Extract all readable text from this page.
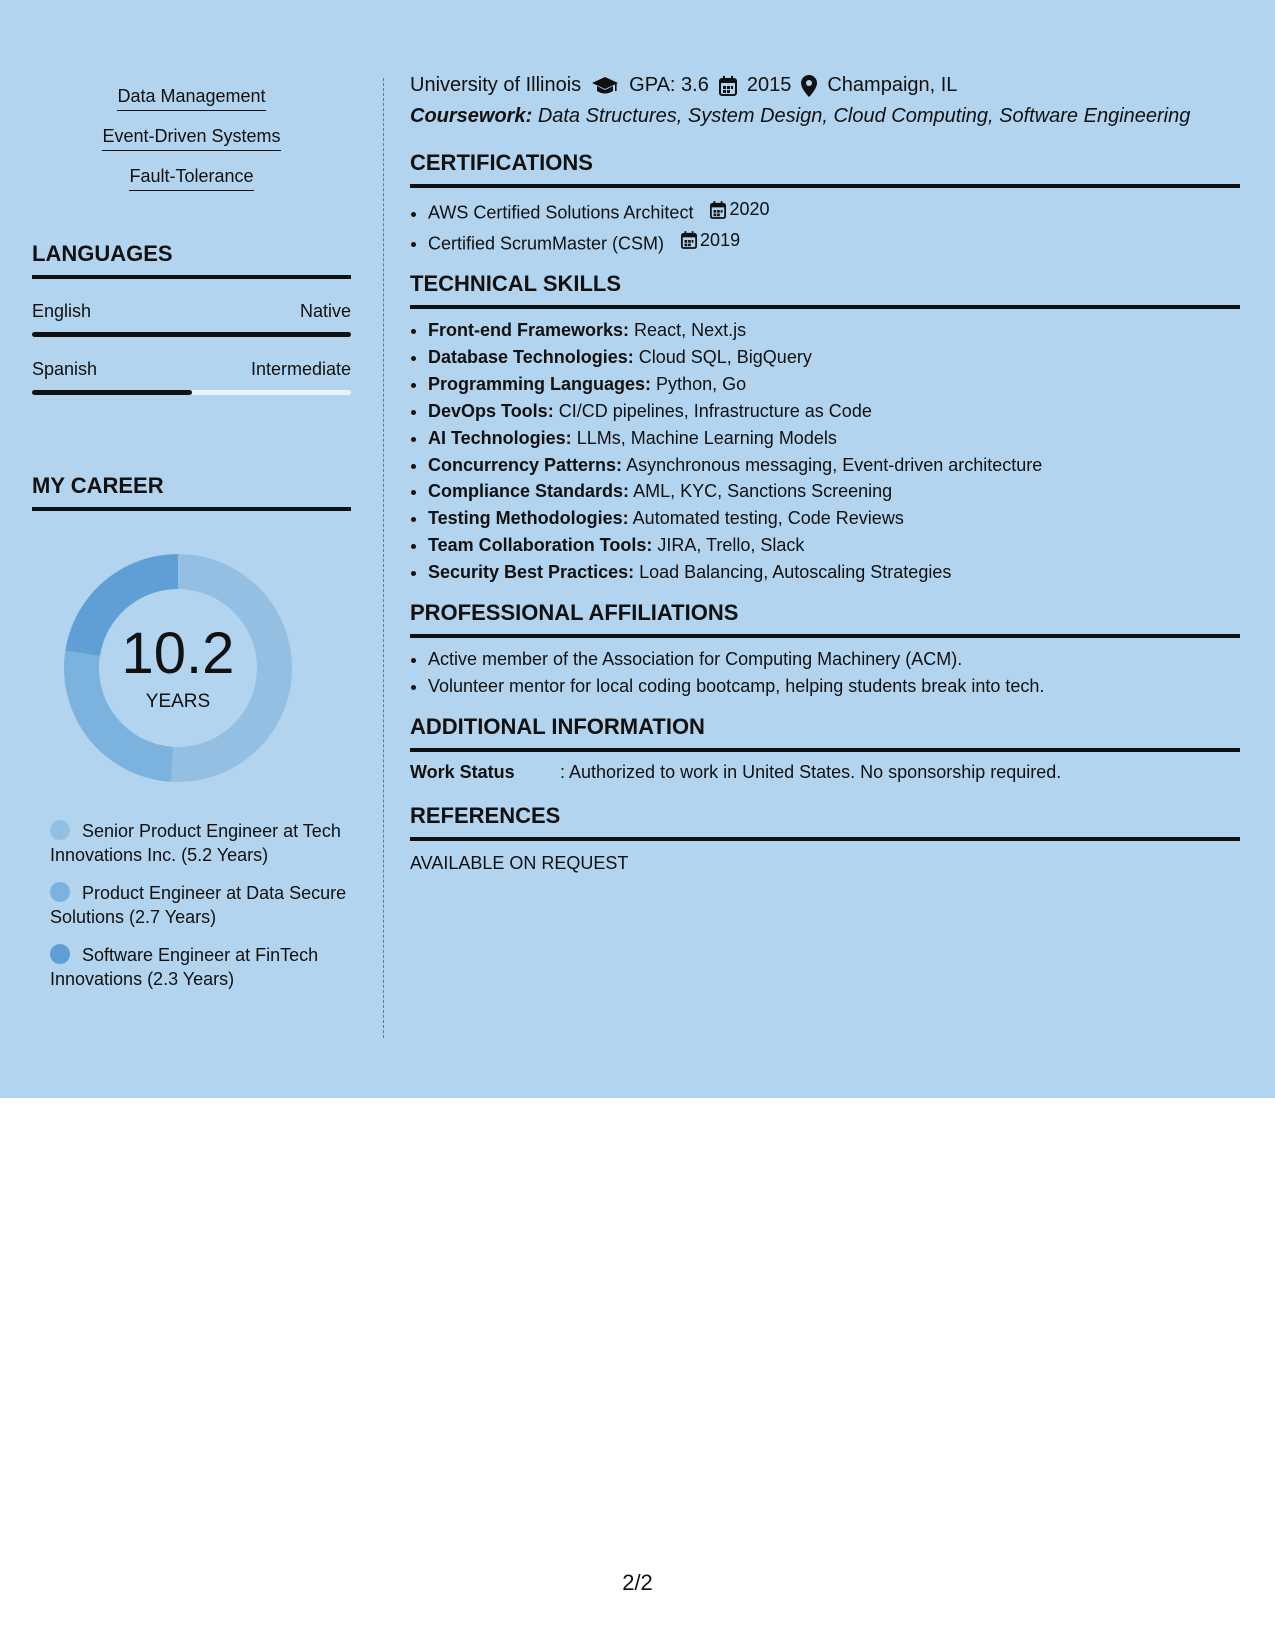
Data Management
Event-Driven Systems
Fault-Tolerance
LANGUAGES
English	Native
Spanish	Intermediate
MY CAREER
10.2
YEARS
Senior Product Engineer at Tech Innovations Inc. (5.2 Years)
Product Engineer at Data Secure Solutions (2.7 Years)
Software Engineer at FinTech Innovations (2.3 Years)
University of Illinois GPA: 3.6 2015 Champaign, IL
Coursework: Data Structures, System Design, Cloud Computing, Software Engineering
CERTIFICATIONS
• AWS Certified Solutions Architect 2020
• Certified ScrumMaster (CSM) 2019
TECHNICAL SKILLS
• Front-end Frameworks: React, Next.js
• Database Technologies: Cloud SQL, BigQuery
• Programming Languages: Python, Go
• DevOps Tools: CI/CD pipelines, Infrastructure as Code
• AI Technologies: LLMs, Machine Learning Models
• Concurrency Patterns: Asynchronous messaging, Event-driven architecture
• Compliance Standards: AML, KYC, Sanctions Screening
• Testing Methodologies: Automated testing, Code Reviews
• Team Collaboration Tools: JIRA, Trello, Slack
• Security Best Practices: Load Balancing, Autoscaling Strategies
PROFESSIONAL AFFILIATIONS
• Active member of the Association for Computing Machinery (ACM).
• Volunteer mentor for local coding bootcamp, helping students break into tech.
ADDITIONAL INFORMATION
Work Status	: Authorized to work in United States. No sponsorship required.
REFERENCES
AVAILABLE ON REQUEST
2/2
